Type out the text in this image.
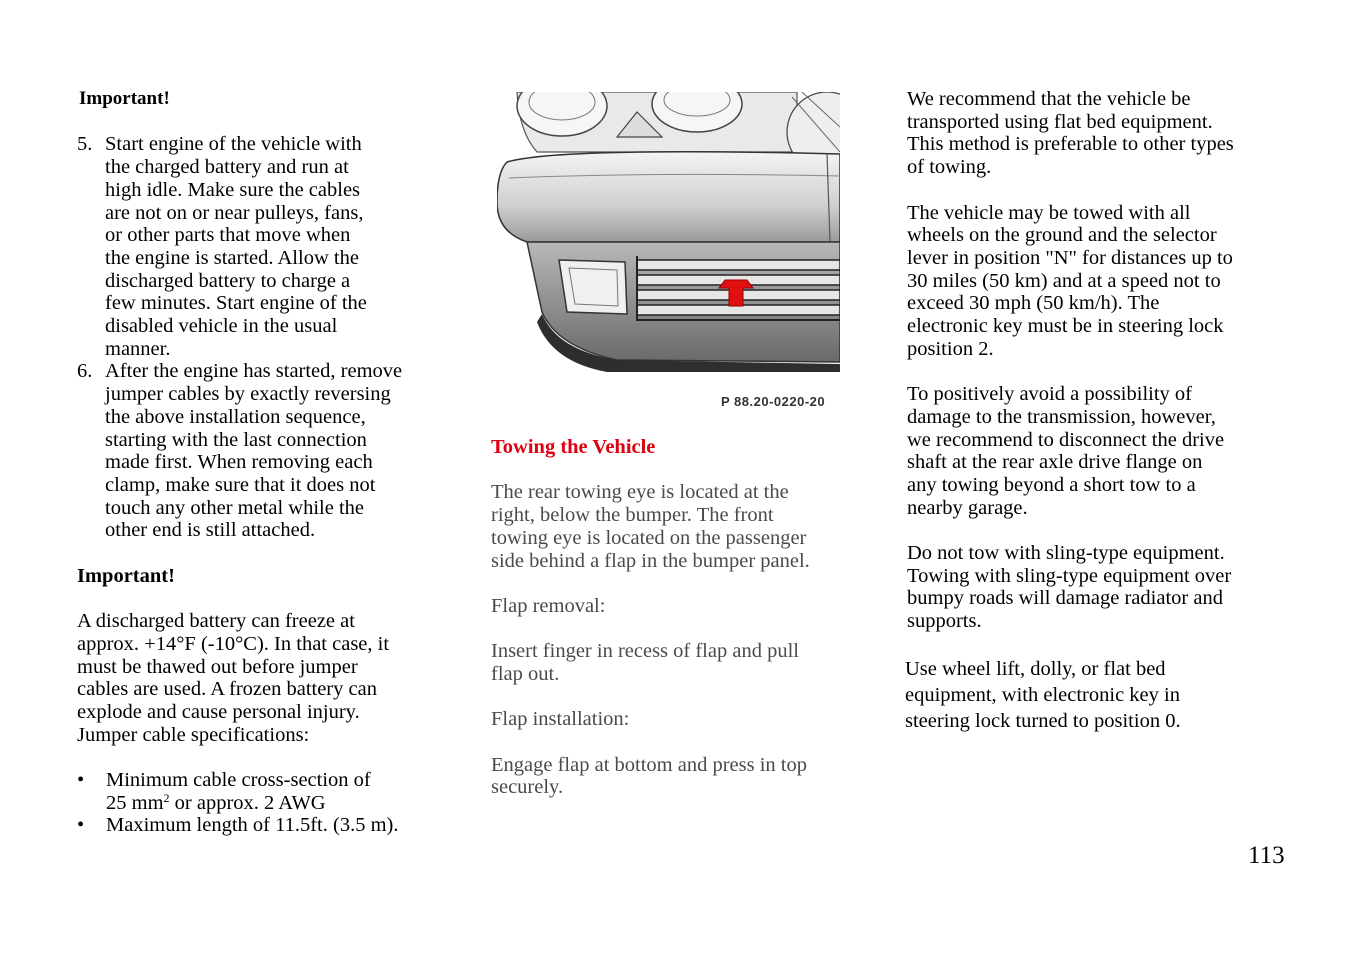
Important!

5. Start engine of the vehicle with
the charged battery and run at
high idle. Make sure the cables
are not on or near pulleys, fans,
or other parts that move when
the engine is started. Allow the
discharged battery to charge a
few minutes. Start engine of the
disabled vehicle in the usual
manner.
6. After the engine has started, remove
jumper cables by exactly reversing
the above installation sequence,
starting with the last connection
made first. When removing each
clamp, make sure that it does not
touch any other metal while the
other end is still attached.

Important!

A discharged battery can freeze at
approx. +14°F (-10°C). In that case, it
must be thawed out before jumper
cables are used. A frozen battery can
explode and cause personal injury.
Jumper cable specifications:
• Minimum cable cross-section of
25 $mm^2$ or approx. 2 AWG
• Maximum length of 11.5ft. (3.5 m).
P 88.20-0220-20

Towing the Vehicle

The rear towing eye is located at the
right, below the bumper. The front
towing eye is located on the passenger
side behind a flap in the bumper panel.

Flap removal:

Insert finger in recess of flap and pull
flap out.

Flap installation:

Engage flap at bottom and press in top
securely.
We recommend that the vehicle be
transported using flat bed equipment.
This method is preferable to other types
of towing.
The vehicle may be towed with all
wheels on the ground and the selector
lever in position "N" for distances up to
30 miles (50 km) and at a speed not to
exceed 30 mph (50 km/h). The
electronic key must be in steering lock
position 2.
To positively avoid a possibility of
damage to the transmission, however,
we recommend to disconnect the drive
shaft at the rear axle drive flange on
any towing beyond a short tow to a
nearby garage.
Do not tow with sling-type equipment.
Towing with sling-type equipment over
bumpy roads will damage radiator and
supports.
Use wheel lift, dolly, or flat bed
equipment, with electronic key in
steering lock turned to position 0.
113
